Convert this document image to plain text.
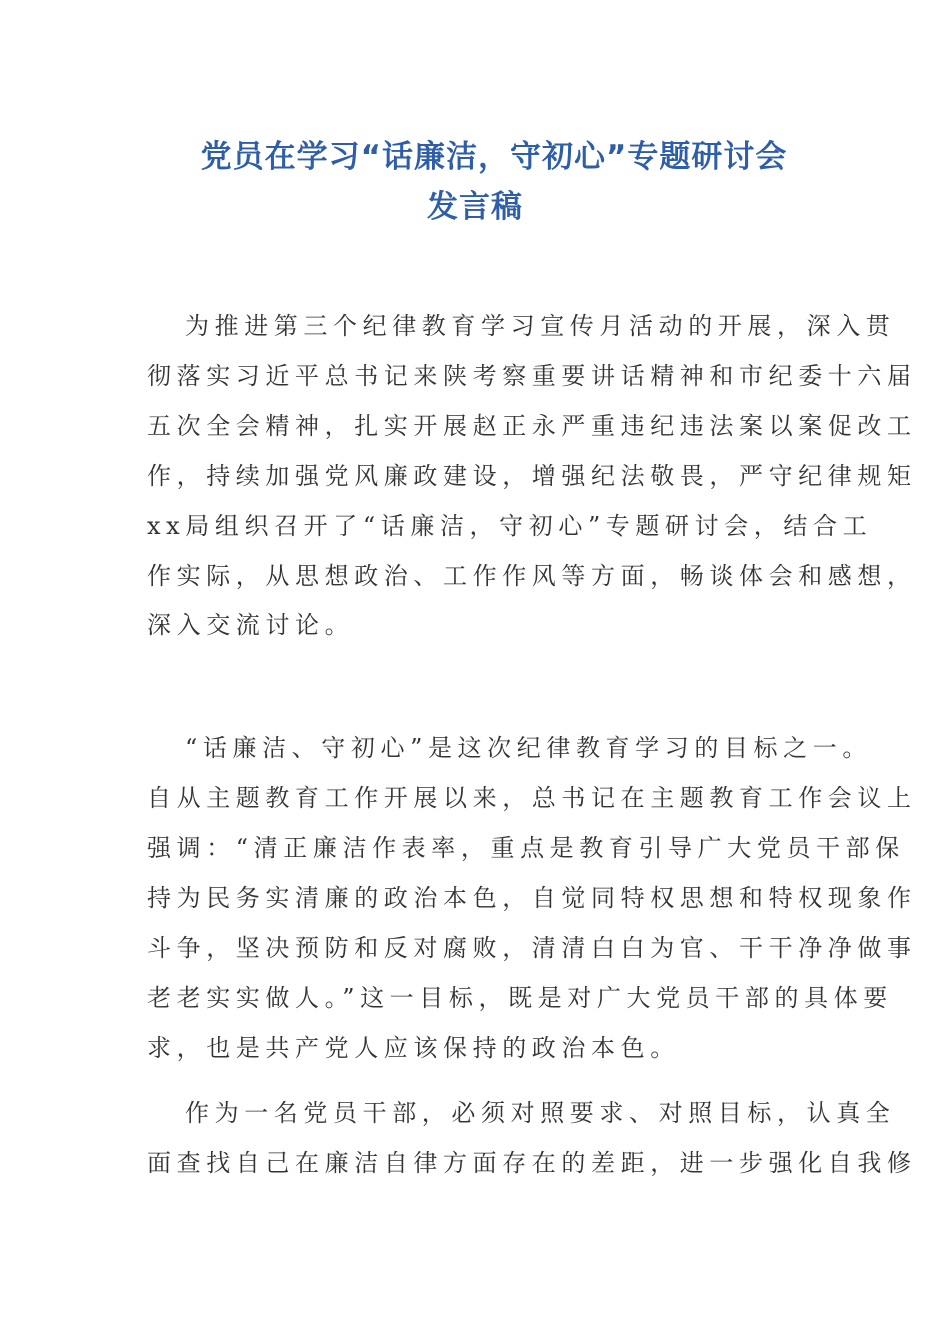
党员在学习“话廉洁，守初心”专题研讨会
发言稿
为推进第三个纪律教育学习宣传月活动的开展，深入贯
彻落实习近平总书记来陕考察重要讲话精神和市纪委十六届
五次全会精神，扎实开展赵正永严重违纪违法案以案促改工
作，持续加强党风廉政建设，增强纪法敬畏，严守纪律规矩
xx局组织召开了“话廉洁，守初心”专题研讨会，结合工
作实际，从思想政治、工作作风等方面，畅谈体会和感想，
深入交流讨论。
“话廉洁、守初心”是这次纪律教育学习的目标之一。
自从主题教育工作开展以来，总书记在主题教育工作会议上
强调：“清正廉洁作表率，重点是教育引导广大党员干部保
持为民务实清廉的政治本色，自觉同特权思想和特权现象作
斗争，坚决预防和反对腐败，清清白白为官、干干净净做事
老老实实做人。”这一目标，既是对广大党员干部的具体要
求，也是共产党人应该保持的政治本色。
作为一名党员干部，必须对照要求、对照目标，认真全
面查找自己在廉洁自律方面存在的差距，进一步强化自我修
